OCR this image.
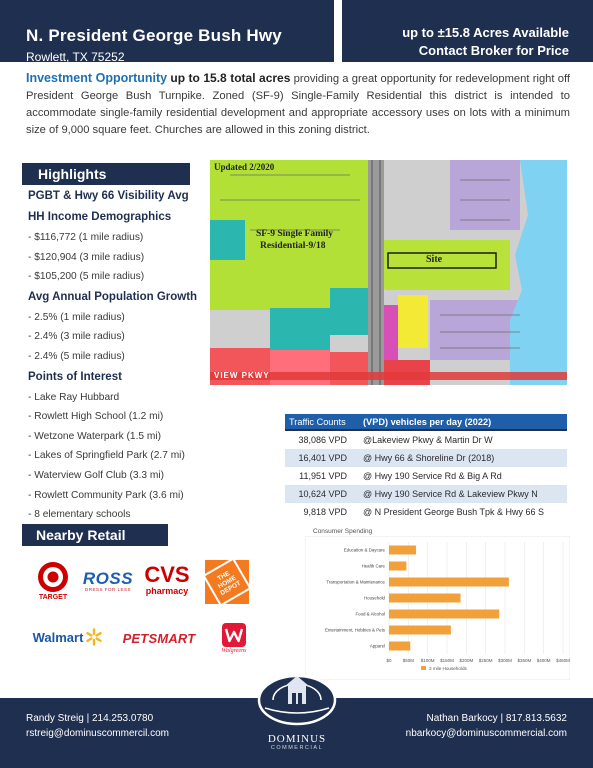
N. President George Bush Hwy
Rowlett, TX 75252
up to ±15.8 Acres Available
Contact Broker for Price

Investment Opportunity up to 15.8 total acres providing a great opportunity for redevelopment right off President George Bush Turnpike. Zoned (SF-9) Single-Family Residential this district is intended to accommodate single-family residential development and appropriate accessory uses on lots with a minimum size of 9,000 square feet. Churches are allowed in this zoning district.

Highlights
PGBT & Hwy 66 Visibility Avg
HH Income Demographics
- $116,772 (1 mile radius)
- $120,904 (3 mile radius)
- $105,200 (5 mile radius)
Avg Annual Population Growth
- 2.5% (1 mile radius)
- 2.4% (3 mile radius)
- 2.4% (5 mile radius)
Points of Interest
- Lake Ray Hubbard
- Rowlett High School (1.2 mi)
- Wetzone Waterpark (1.5 mi)
- Lakes of Springfield Park (2.7 mi)
- Waterview Golf Club (3.3 mi)
- Rowlett Community Park (3.6 mi)
- 8 elementary schools
Updated 2/2020
SF-9 Single Family
Residential-9/18
Site
VIEW PKWY
Traffic Counts	(VPD) vehicles per day (2022)
38,086 VPD	@Lakeview Pkwy & Martin Dr W
16,401 VPD	@ Hwy 66 & Shoreline Dr (2018)
11,951 VPD	@ Hwy 190 Service Rd & Big A Rd
10,624 VPD	@ Hwy 190 Service Rd & Lakeview Pkwy N
9,818 VPD	@ N President George Bush Tpk & Hwy 66 S
Nearby Retail
TARGET
ROSS
DRESS FOR LESS
CVS
pharmacy
THE HOME DEPOT
Walmart	PETSMART
Walgreens
Consumer Spending
$0 $50M $100M $150M $200M $250M $300M $350M $400M $450M
Education & Daycare
Health Care
Transportation & Maintenance
Household
Food & Alcohol
Entertainment, Hobbies & Pets
Apparel
3 mile Households
Randy Streig | 214.253.0780
rstreig@dominuscommercil.com	DOMINUS
COMMERCIAL
Nathan Barkocy | 817.813.5632
nbarkocy@dominuscommercial.com
